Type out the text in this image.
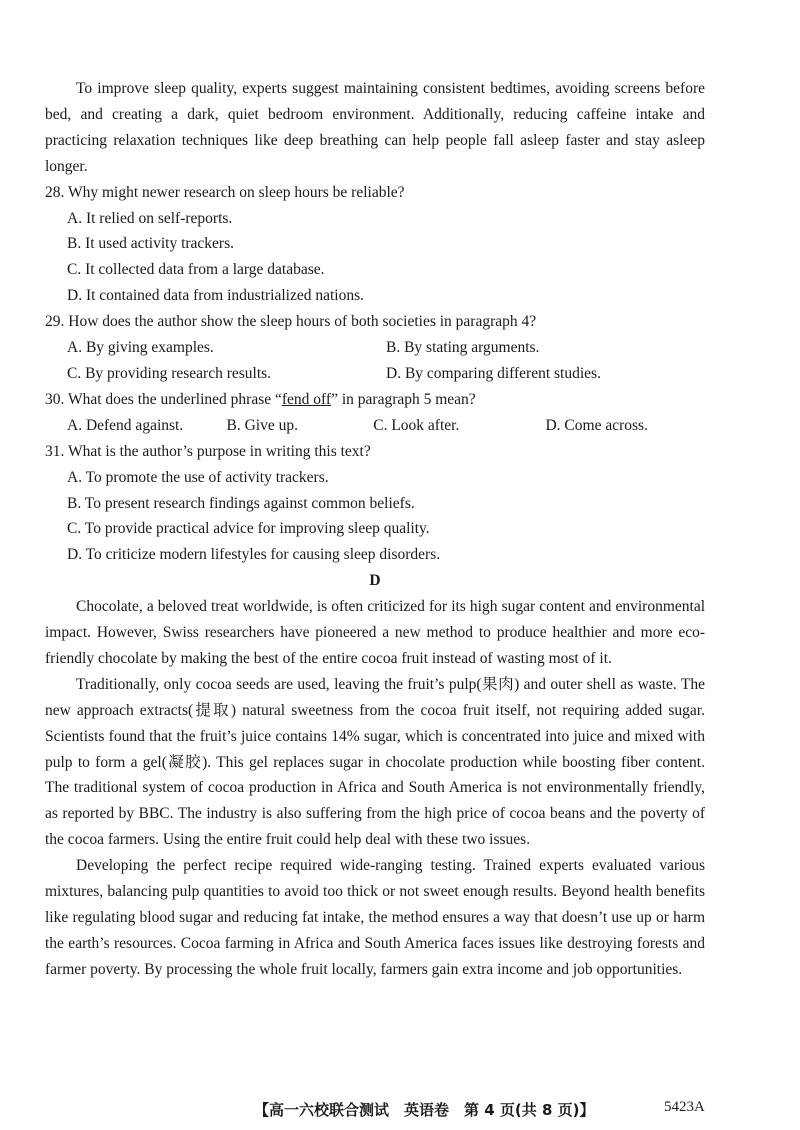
To improve sleep quality, experts suggest maintaining consistent bedtimes, avoiding screens before bed, and creating a dark, quiet bedroom environment. Additionally, reducing caffeine intake and practicing relaxation techniques like deep breathing can help people fall asleep faster and stay asleep longer.

28. Why might newer research on sleep hours be reliable?
A. It relied on self-reports.
B. It used activity trackers.
C. It collected data from a large database.
D. It contained data from industrialized nations.
29. How does the author show the sleep hours of both societies in paragraph 4?
A. By giving examples.	B. By stating arguments.
C. By providing research results.	D. By comparing different studies.
30. What does the underlined phrase “fend off” in paragraph 5 mean?
A. Defend against.	B. Give up.	C. Look after.	D. Come across.
31. What is the author’s purpose in writing this text?
A. To promote the use of activity trackers.
B. To present research findings against common beliefs.
C. To provide practical advice for improving sleep quality.
D. To criticize modern lifestyles for causing sleep disorders.
D

Chocolate, a beloved treat worldwide, is often criticized for its high sugar content and environmental impact. However, Swiss researchers have pioneered a new method to produce healthier and more eco-friendly chocolate by making the best of the entire cocoa fruit instead of wasting most of it.

Traditionally, only cocoa seeds are used, leaving the fruit’s pulp(果肉) and outer shell as waste. The new approach extracts(提取) natural sweetness from the cocoa fruit itself, not requiring added sugar. Scientists found that the fruit’s juice contains 14% sugar, which is concentrated into juice and mixed with pulp to form a gel(凝胶). This gel replaces sugar in chocolate production while boosting fiber content. The traditional system of cocoa production in Africa and South America is not environmentally friendly, as reported by BBC. The industry is also suffering from the high price of cocoa beans and the poverty of the cocoa farmers. Using the entire fruit could help deal with these two issues.

Developing the perfect recipe required wide-ranging testing. Trained experts evaluated various mixtures, balancing pulp quantities to avoid too thick or not sweet enough results. Beyond health benefits like regulating blood sugar and reducing fat intake, the method ensures a way that doesn’t use up or harm the earth’s resources. Cocoa farming in Africa and South America faces issues like destroying forests and farmer poverty. By processing the whole fruit locally, farmers gain extra income and job opportunities.

【高一六校联合测试　英语卷　第 4 页(共 8 页)】	5423A
